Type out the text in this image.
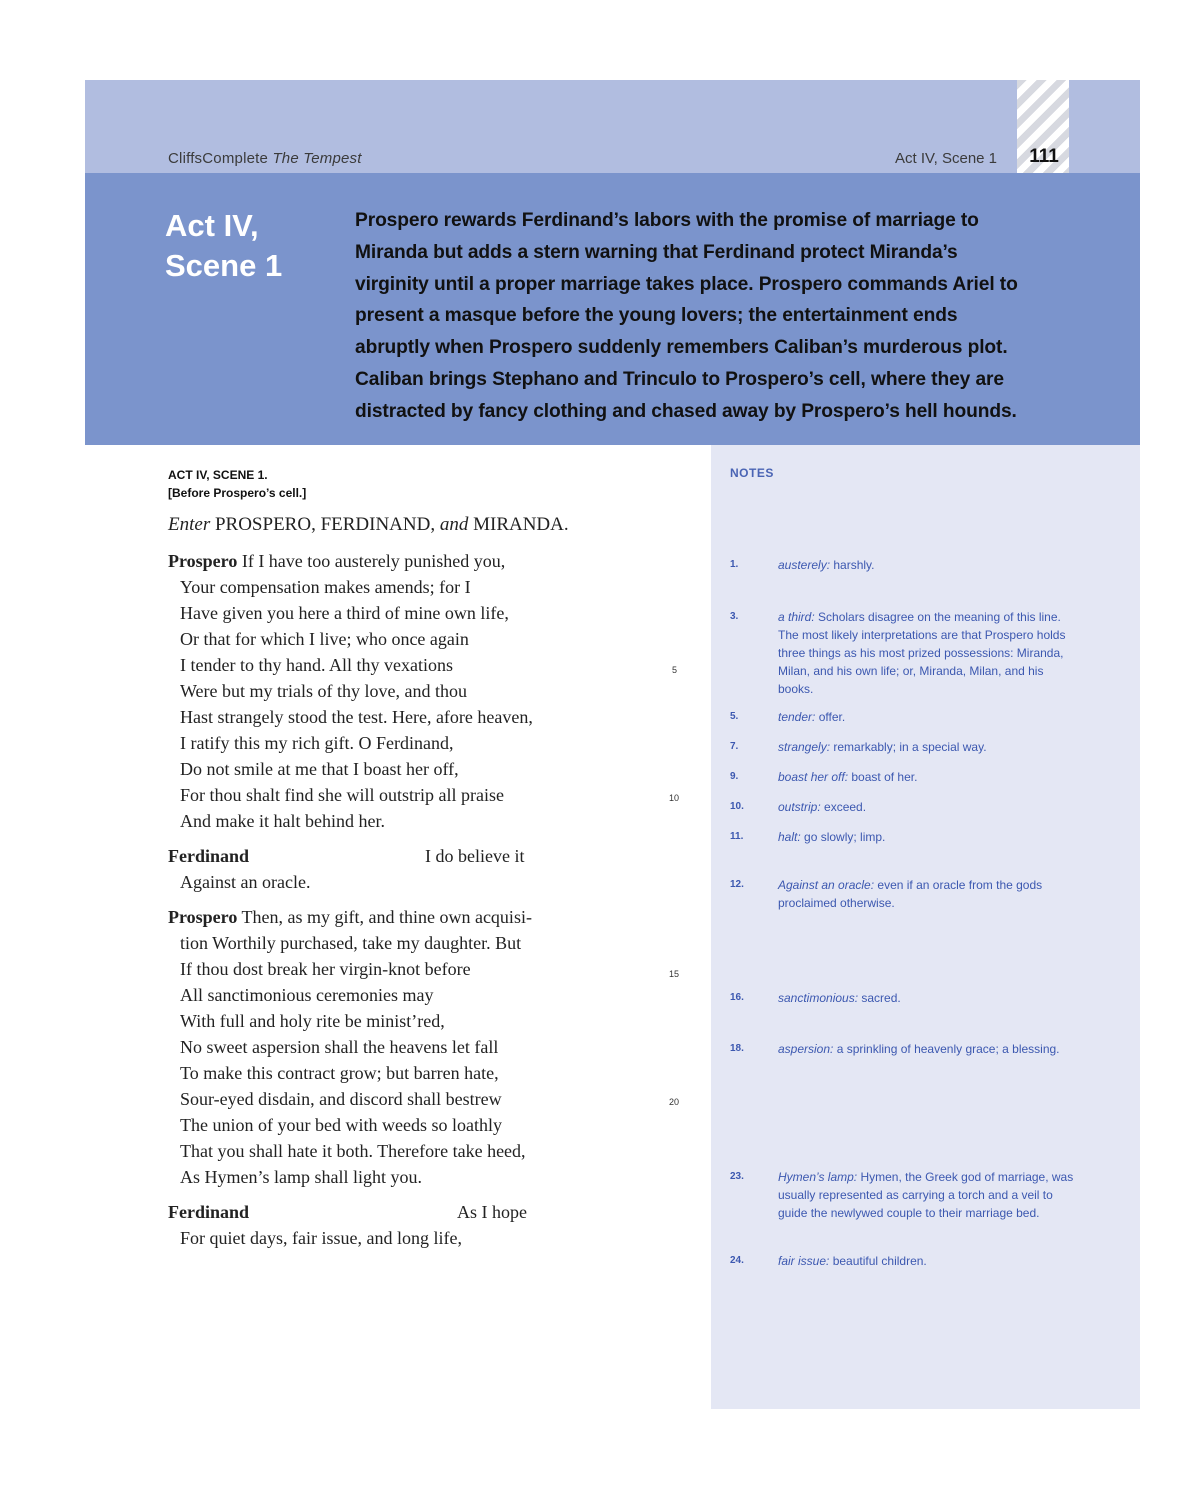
CliffsComplete The Tempest	Act IV, Scene 1	111
Act IV,
Scene 1
Prospero rewards Ferdinand’s labors with the promise of marriage to
Miranda but adds a stern warning that Ferdinand protect Miranda’s
virginity until a proper marriage takes place. Prospero commands Ariel to
present a masque before the young lovers; the entertainment ends
abruptly when Prospero suddenly remembers Caliban’s murderous plot.
Caliban brings Stephano and Trinculo to Prospero’s cell, where they are
distracted by fancy clothing and chased away by Prospero’s hell hounds.
NOTES
ACT IV, SCENE 1.
[Before Prospero’s cell.]
Enter PROSPERO, FERDINAND, and MIRANDA.
Prospero If I have too austerely punished you,
Your compensation makes amends; for I
Have given you here a third of mine own life,
Or that for which I live; who once again
I tender to thy hand. All thy vexations
Were but my trials of thy love, and thou
Hast strangely stood the test. Here, afore heaven,
I ratify this my rich gift. O Ferdinand,
Do not smile at me that I boast her off,
For thou shalt find she will outstrip all praise
And make it halt behind her.
Ferdinand	I do believe it
Against an oracle.
Prospero Then, as my gift, and thine own acquisi-
tion Worthily purchased, take my daughter. But
If thou dost break her virgin-knot before
All sanctimonious ceremonies may
With full and holy rite be minist’red,
No sweet aspersion shall the heavens let fall
To make this contract grow; but barren hate,
Sour-eyed disdain, and discord shall bestrew
The union of your bed with weeds so loathly
That you shall hate it both. Therefore take heed,
As Hymen’s lamp shall light you.
Ferdinand	As I hope
For quiet days, fair issue, and long life,
5
10
15
20
1.	austerely: harshly.
3.	a third: Scholars disagree on the meaning of this line. The most likely interpretations are that Prospero holds three things as his most prized possessions: Miranda, Milan, and his own life; or, Miranda, Milan, and his books.
5.	tender: offer.
7.	strangely: remarkably; in a special way.
9.	boast her off: boast of her.
10.	outstrip: exceed.
11.	halt: go slowly; limp.
12.	Against an oracle: even if an oracle from the gods proclaimed otherwise.
16.	sanctimonious: sacred.
18.	aspersion: a sprinkling of heavenly grace; a blessing.
23.	Hymen’s lamp: Hymen, the Greek god of marriage, was usually represented as carrying a torch and a veil to guide the newlywed couple to their marriage bed.
24.	fair issue: beautiful children.
